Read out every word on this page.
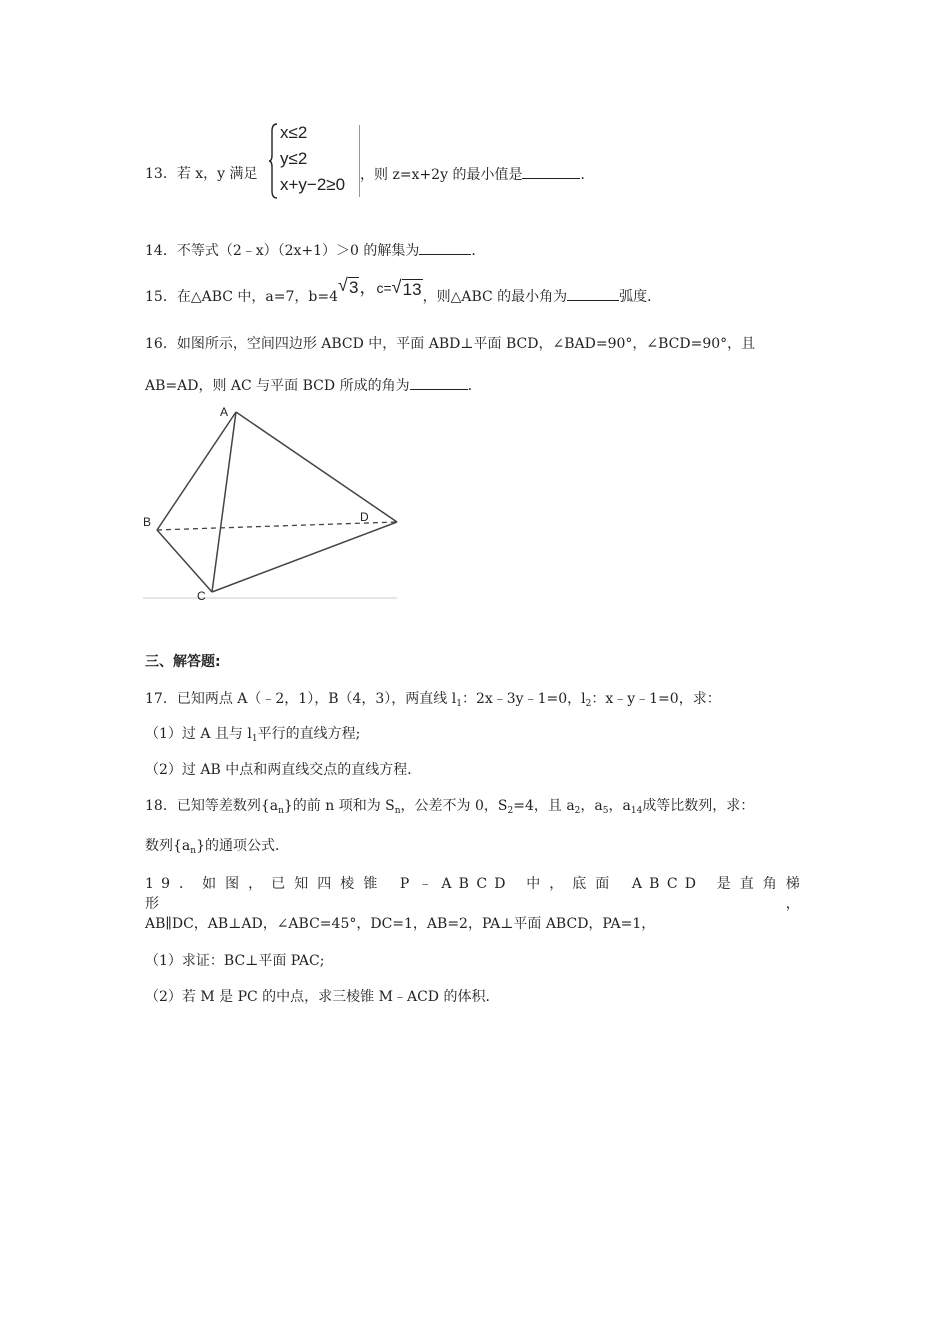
13．若 x，y 满足
x≤2
y≤2
x+y−2≥0 ，则 z=x+2y 的最小值是	．
14．不等式（2﹣x）（2x+1）＞0 的解集为	．
15．在△ABC 中，a=7，b=4
√ 3，c= √ 13，则△ABC 的最小角为	弧度．
16．如图所示，空间四边形 ABCD 中，平面 ABD⊥平面 BCD，∠BAD=90°，∠BCD=90°，且
AB=AD，则 AC 与平面 BCD 所成的角为	．
A
B
C
D
三、解答题:
17．已知两点 A（﹣2，1），B（4，3），两直线 $l_1$：2x﹣3y﹣1=0，$l_2$：x﹣y﹣1=0，求：
（1）过 A 且与 $l_1$平行的直线方程;
（2）过 AB 中点和两直线交点的直线方程．
18．已知等差数列$\{a_n\}$的前 n 项和为 $S_n$，公差不为 0，$S_2=4$，且 $a_2$，$a_5$，$a_{14}$成等比数列，求：
数列$\{a_n\}$的通项公式．
19．如图，已知四棱锥 P﹣ABCD 中，底面 ABCD 是直角梯形，
AB∥DC，AB⊥AD，∠ABC=45°，DC=1，AB=2，PA⊥平面 ABCD，PA=1，
（1）求证：BC⊥平面 PAC;
（2）若 M 是 PC 的中点，求三棱锥 M﹣ACD 的体积．
